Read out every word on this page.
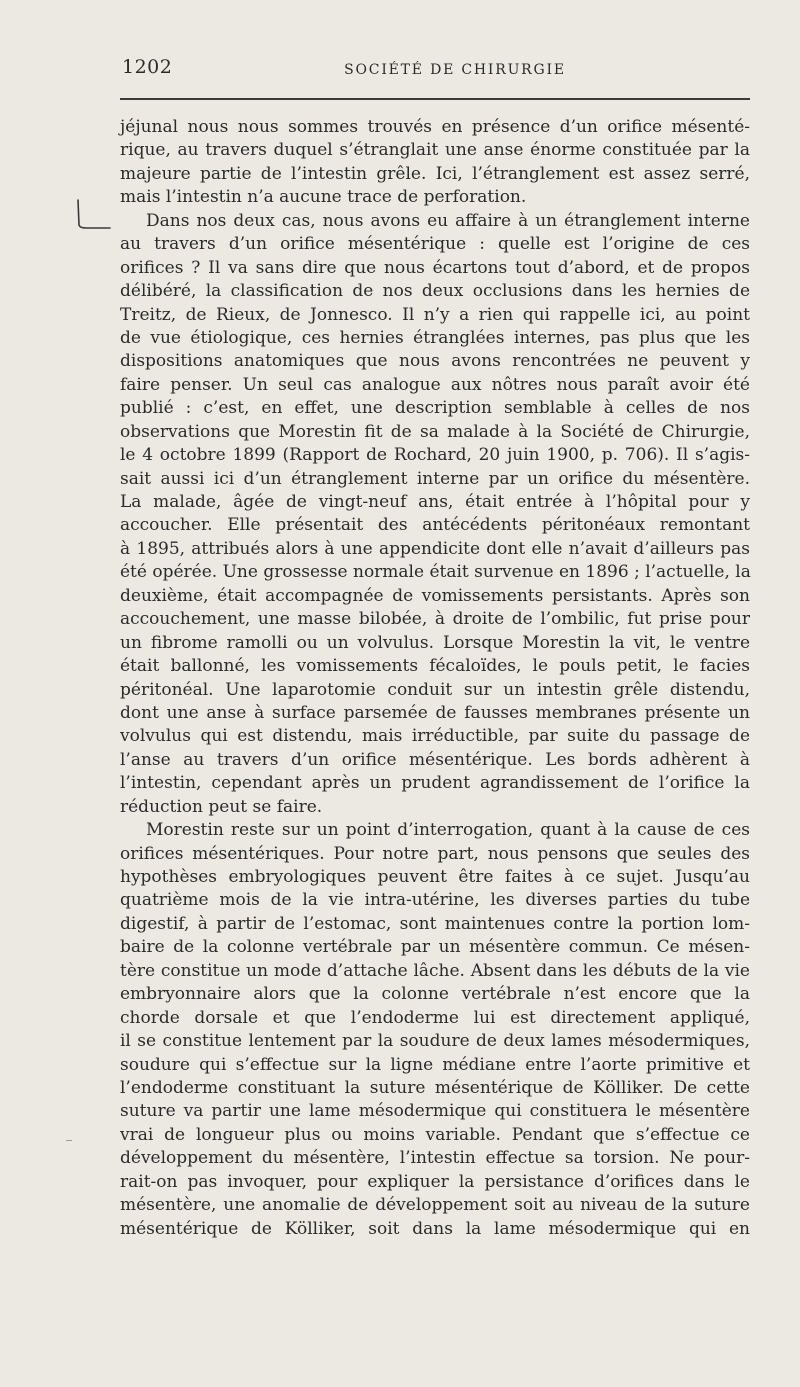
1202	SOCIÉTÉ DE CHIRURGIE
jéjunal nous nous sommes trouvés en présence d’un orifice mésenté-
rique, au travers duquel s’étranglait une anse énorme constituée par la
majeure partie de l’intestin grêle. Ici, l’étranglement est assez serré,
mais l’intestin n’a aucune trace de perforation.
Dans nos deux cas, nous avons eu affaire à un étranglement interne
au travers d’un orifice mésentérique : quelle est l’origine de ces
orifices ? Il va sans dire que nous écartons tout d’abord, et de propos
délibéré, la classification de nos deux occlusions dans les hernies de
Treitz, de Rieux, de Jonnesco. Il n’y a rien qui rappelle ici, au point
de vue étiologique, ces hernies étranglées internes, pas plus que les
dispositions anatomiques que nous avons rencontrées ne peuvent y
faire penser. Un seul cas analogue aux nôtres nous paraît avoir été
publié : c’est, en effet, une description semblable à celles de nos
observations que Morestin fit de sa malade à la Société de Chirurgie,
le 4 octobre 1899 (Rapport de Rochard, 20 juin 1900, p. 706). Il s’agis-
sait aussi ici d’un étranglement interne par un orifice du mésentère.
La malade, âgée de vingt-neuf ans, était entrée à l’hôpital pour y
accoucher. Elle présentait des antécédents péritonéaux remontant
à 1895, attribués alors à une appendicite dont elle n’avait d’ailleurs pas
été opérée. Une grossesse normale était survenue en 1896 ; l’actuelle, la
deuxième, était accompagnée de vomissements persistants. Après son
accouchement, une masse bilobée, à droite de l’ombilic, fut prise pour
un fibrome ramolli ou un volvulus. Lorsque Morestin la vit, le ventre
était ballonné, les vomissements fécaloïdes, le pouls petit, le facies
péritonéal. Une laparotomie conduit sur un intestin grêle distendu,
dont une anse à surface parsemée de fausses membranes présente un
volvulus qui est distendu, mais irréductible, par suite du passage de
l’anse au travers d’un orifice mésentérique. Les bords adhèrent à
l’intestin, cependant après un prudent agrandissement de l’orifice la
réduction peut se faire.
Morestin reste sur un point d’interrogation, quant à la cause de ces
orifices mésentériques. Pour notre part, nous pensons que seules des
hypothèses embryologiques peuvent être faites à ce sujet. Jusqu’au
quatrième mois de la vie intra-utérine, les diverses parties du tube
digestif, à partir de l’estomac, sont maintenues contre la portion lom-
baire de la colonne vertébrale par un mésentère commun. Ce mésen-
tère constitue un mode d’attache lâche. Absent dans les débuts de la vie
embryonnaire alors que la colonne vertébrale n’est encore que la
chorde dorsale et que l’endoderme lui est directement appliqué,
il se constitue lentement par la soudure de deux lames mésodermiques,
soudure qui s’effectue sur la ligne médiane entre l’aorte primitive et
l’endoderme constituant la suture mésentérique de Kölliker. De cette
suture va partir une lame mésodermique qui constituera le mésentère
vrai de longueur plus ou moins variable. Pendant que s’effectue ce
développement du mésentère, l’intestin effectue sa torsion. Ne pour-
rait-on pas invoquer, pour expliquer la persistance d’orifices dans le
mésentère, une anomalie de développement soit au niveau de la suture
mésentérique de Kölliker, soit dans la lame mésodermique qui en
